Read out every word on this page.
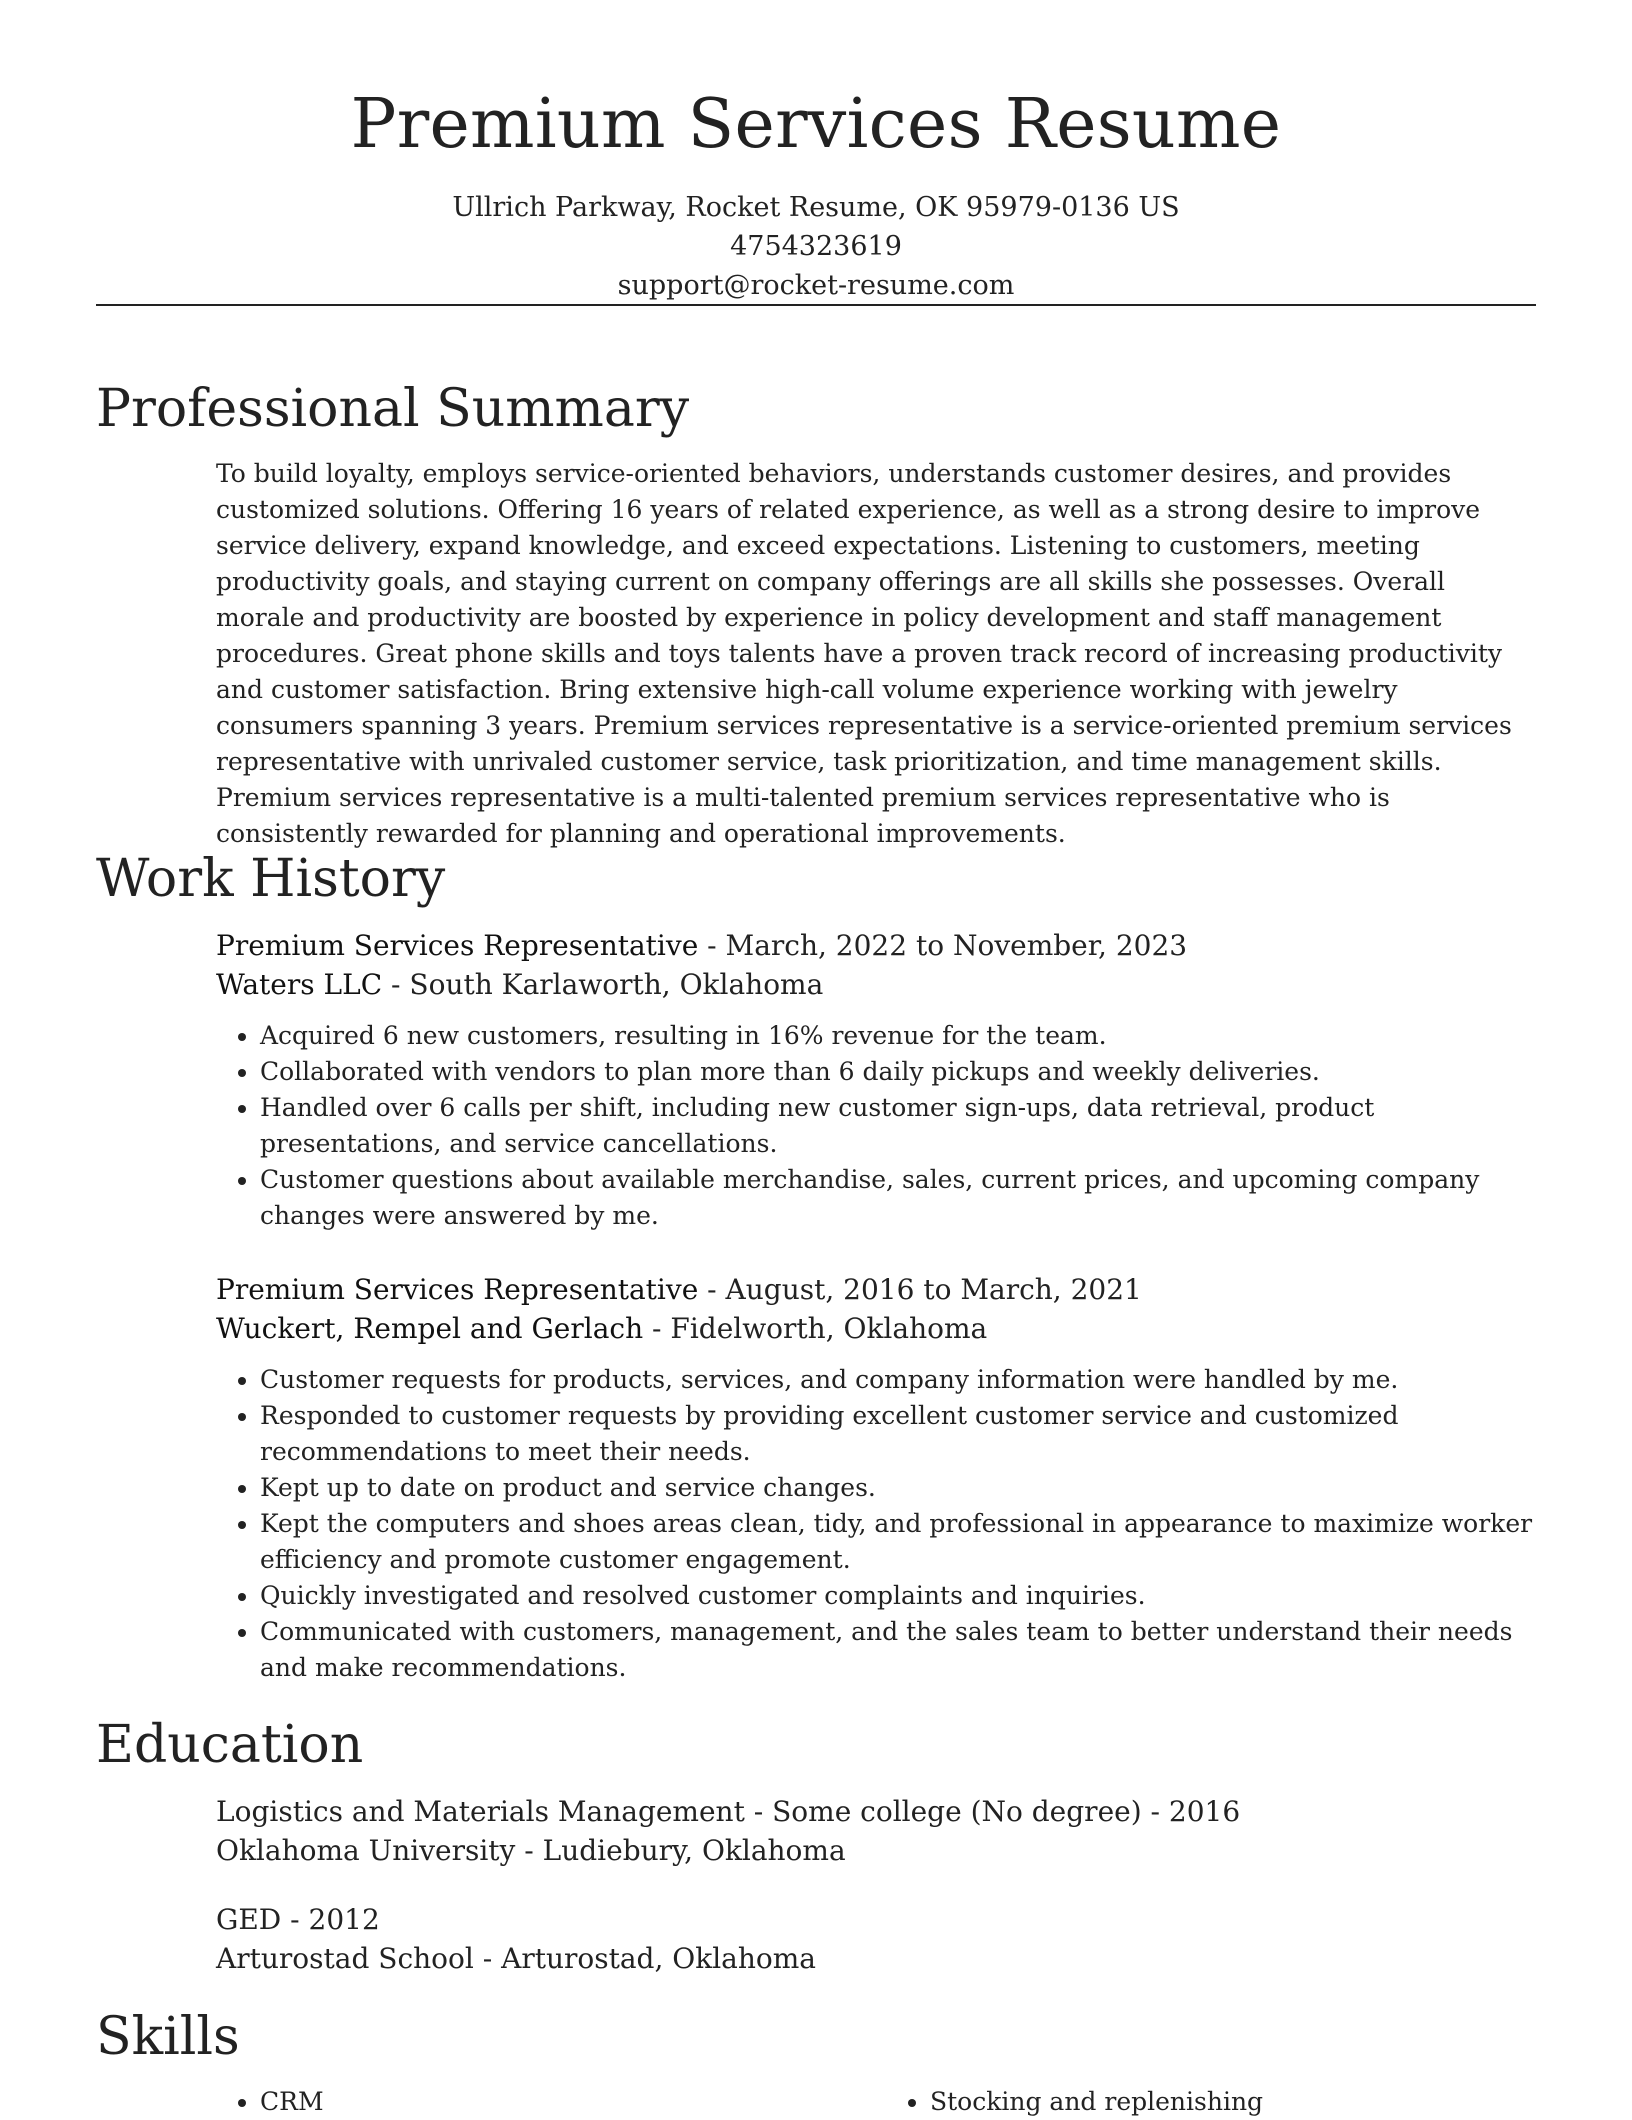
Premium Services Resume
Ullrich Parkway, Rocket Resume, OK 95979-0136 US
4754323619
support@rocket-resume.com
Professional Summary

To build loyalty, employs service-oriented behaviors, understands customer desires, and provides customized solutions. Offering 16 years of related experience, as well as a strong desire to improve service delivery, expand knowledge, and exceed expectations. Listening to customers, meeting productivity goals, and staying current on company offerings are all skills she possesses. Overall morale and productivity are boosted by experience in policy development and staff management procedures. Great phone skills and toys talents have a proven track record of increasing productivity and customer satisfaction. Bring extensive high-call volume experience working with jewelry consumers spanning 3 years. Premium services representative is a service-oriented premium services representative with unrivaled customer service, task prioritization, and time management skills. Premium services representative is a multi-talented premium services representative who is consistently rewarded for planning and operational improvements.

Work History
Premium Services Representative - March, 2022 to November, 2023
Waters LLC - South Karlaworth, Oklahoma
• Acquired 6 new customers, resulting in 16% revenue for the team.
• Collaborated with vendors to plan more than 6 daily pickups and weekly deliveries.
• Handled over 6 calls per shift, including new customer sign-ups, data retrieval, product presentations, and service cancellations.
• Customer questions about available merchandise, sales, current prices, and upcoming company changes were answered by me.
Premium Services Representative - August, 2016 to March, 2021
Wuckert, Rempel and Gerlach - Fidelworth, Oklahoma
• Customer requests for products, services, and company information were handled by me.
• Responded to customer requests by providing excellent customer service and customized recommendations to meet their needs.
• Kept up to date on product and service changes.
• Kept the computers and shoes areas clean, tidy, and professional in appearance to maximize worker efficiency and promote customer engagement.
• Quickly investigated and resolved customer complaints and inquiries.
• Communicated with customers, management, and the sales team to better understand their needs and make recommendations.
Education
Logistics and Materials Management - Some college (No degree) - 2016
Oklahoma University - Ludiebury, Oklahoma
GED - 2012
Arturostad School - Arturostad, Oklahoma
Skills
• CRM
•	Stocking and replenishing
